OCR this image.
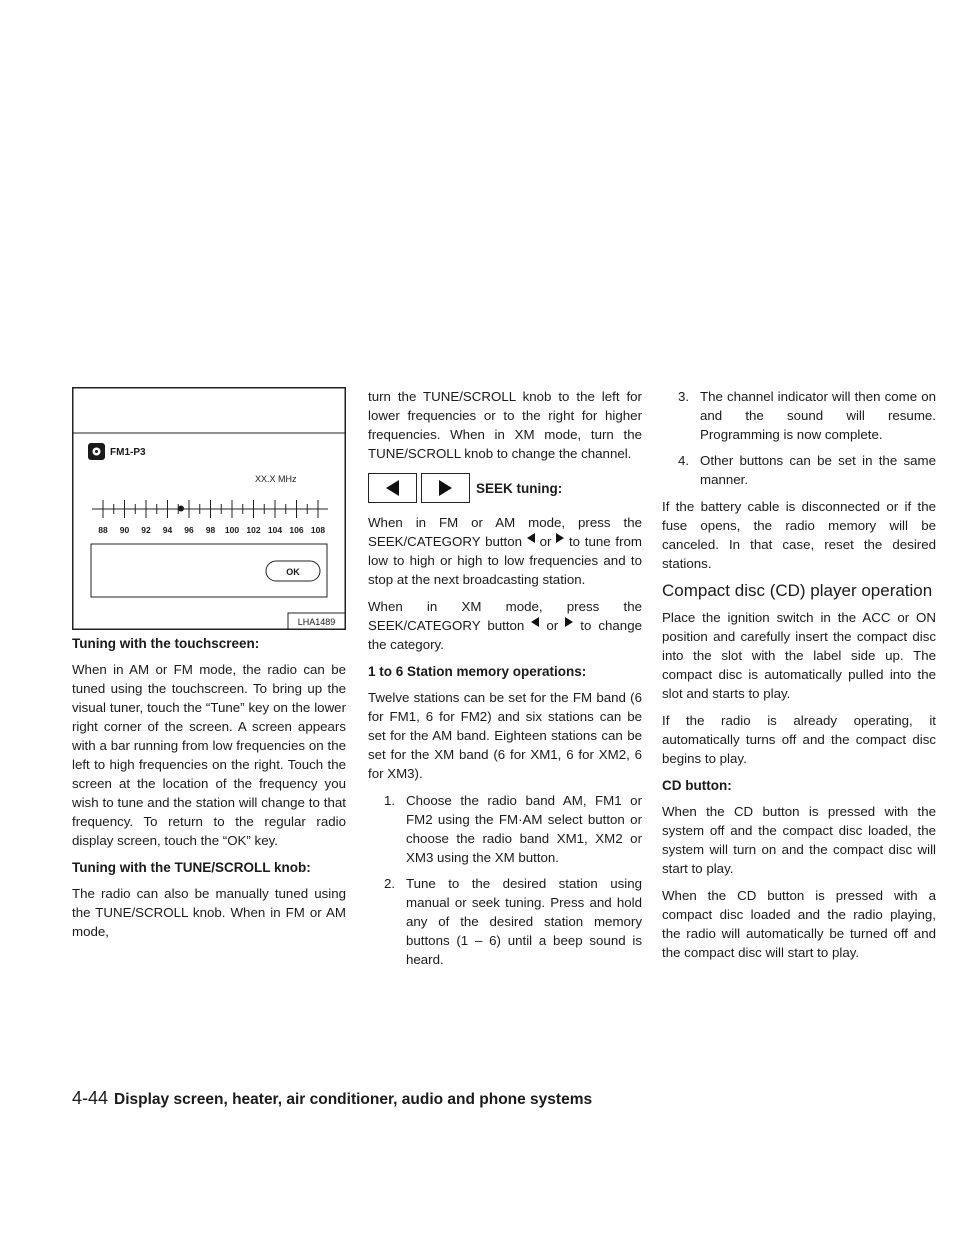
FM1-P3
XX.X MHz
88 90 92 94 96 98 100 102 104 106 108
OK
LHA1489
Tuning with the touchscreen:

When in AM or FM mode, the radio can be tuned using the touchscreen. To bring up the visual tuner, touch the “Tune” key on the lower right corner of the screen. A screen appears with a bar running from low frequencies on the left to high frequencies on the right. Touch the screen at the location of the frequency you wish to tune and the station will change to that frequency. To return to the regular radio display screen, touch the “OK” key.

Tuning with the TUNE/SCROLL knob:

The radio can also be manually tuned using the TUNE/SCROLL knob. When in FM or AM mode,

turn the TUNE/SCROLL knob to the left for lower frequencies or to the right for higher frequencies. When in XM mode, turn the TUNE/SCROLL knob to change the channel.

SEEK tuning:

When in FM or AM mode, press the SEEK/CATEGORY button or to tune from low to high or high to low frequencies and to stop at the next broadcasting station.

When in XM mode, press the SEEK/CATEGORY button or to change the category.

1 to 6 Station memory operations:

Twelve stations can be set for the FM band (6 for FM1, 6 for FM2) and six stations can be set for the AM band. Eighteen stations can be set for the XM band (6 for XM1, 6 for XM2, 6 for XM3).

1. Choose the radio band AM, FM1 or FM2 using the FM·AM select button or choose the radio band XM1, XM2 or XM3 using the XM button.
2. Tune to the desired station using manual or seek tuning. Press and hold any of the desired station memory buttons (1 – 6) until a beep sound is heard.
3. The channel indicator will then come on and the sound will resume. Programming is now complete.
4. Other buttons can be set in the same manner.

If the battery cable is disconnected or if the fuse opens, the radio memory will be canceled. In that case, reset the desired stations.

Compact disc (CD) player operation

Place the ignition switch in the ACC or ON position and carefully insert the compact disc into the slot with the label side up. The compact disc is automatically pulled into the slot and starts to play.

If the radio is already operating, it automatically turns off and the compact disc begins to play.

CD button:

When the CD button is pressed with the system off and the compact disc loaded, the system will turn on and the compact disc will start to play.

When the CD button is pressed with a compact disc loaded and the radio playing, the radio will automatically be turned off and the compact disc will start to play.

4-44 Display screen, heater, air conditioner, audio and phone systems
